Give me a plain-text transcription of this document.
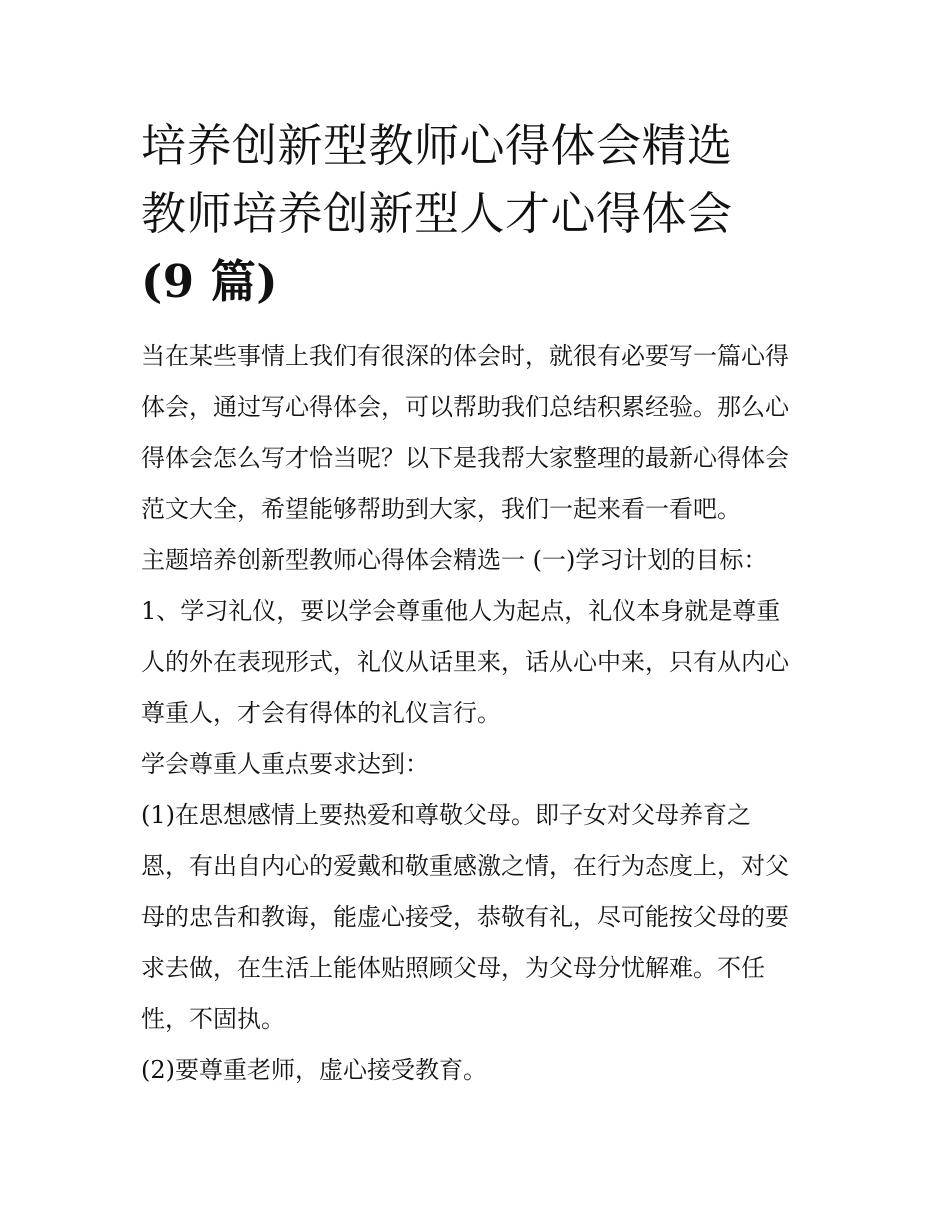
培养创新型教师心得体会精选
教师培养创新型人才心得体会
(9 篇)

当在某些事情上我们有很深的体会时，就很有必要写一篇心得
体会，通过写心得体会，可以帮助我们总结积累经验。那么心
得体会怎么写才恰当呢？以下是我帮大家整理的最新心得体会
范文大全，希望能够帮助到大家，我们一起来看一看吧。

主题培养创新型教师心得体会精选一 (一)学习计划的目标：

1、学习礼仪，要以学会尊重他人为起点，礼仪本身就是尊重
人的外在表现形式，礼仪从话里来，话从心中来，只有从内心
尊重人，才会有得体的礼仪言行。

学会尊重人重点要求达到：

(1)在思想感情上要热爱和尊敬父母。即子女对父母养育之
恩，有出自内心的爱戴和敬重感激之情，在行为态度上，对父
母的忠告和教诲，能虚心接受，恭敬有礼，尽可能按父母的要
求去做，在生活上能体贴照顾父母，为父母分忧解难。不任
性，不固执。

(2)要尊重老师，虚心接受教育。
